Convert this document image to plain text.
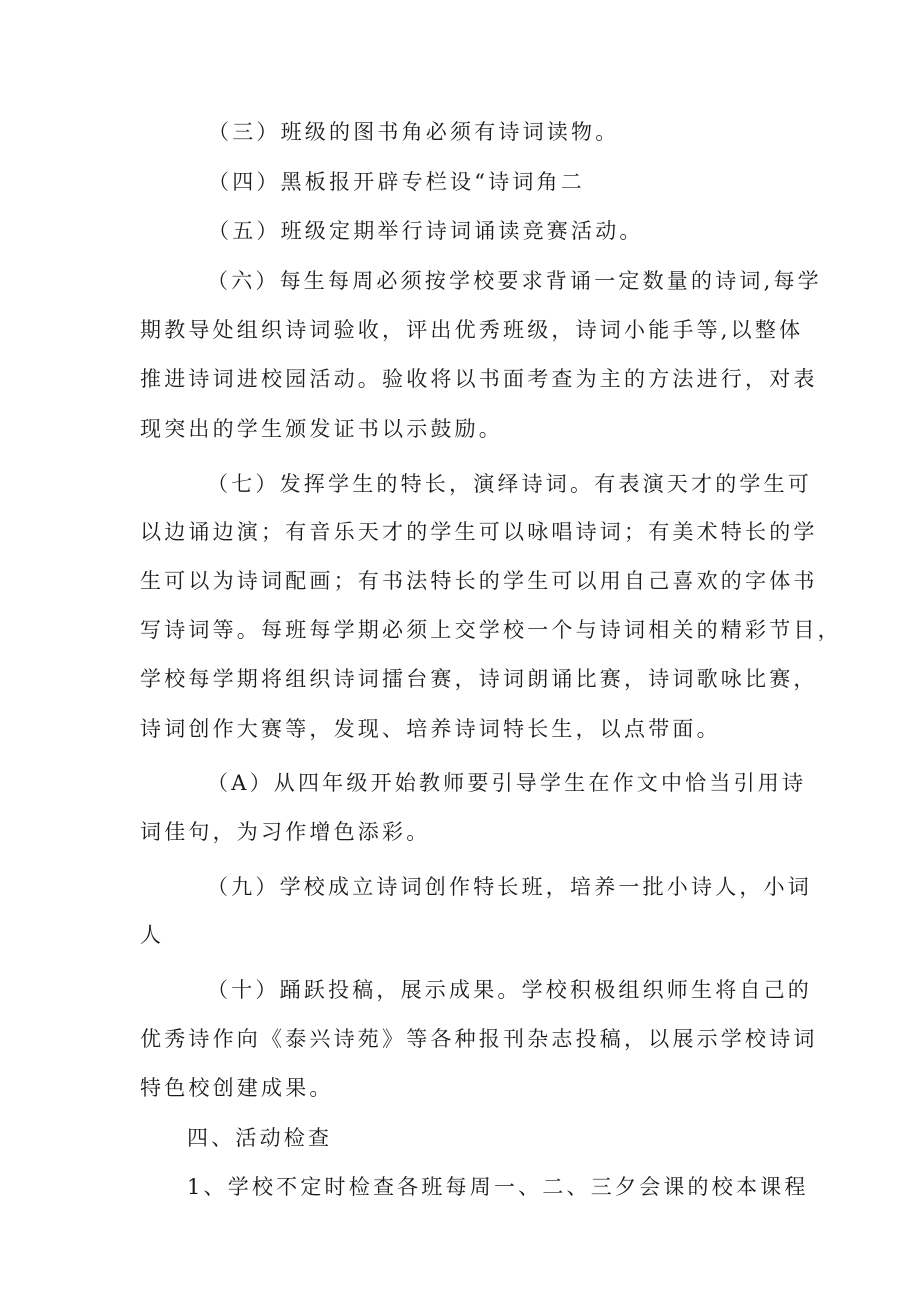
（三）班级的图书角必须有诗词读物。
（四）黑板报开辟专栏设“诗词角二
（五）班级定期举行诗词诵读竞赛活动。
（六）每生每周必须按学校要求背诵一定数量的诗词,每学
期教导处组织诗词验收，评出优秀班级，诗词小能手等,以整体
推进诗词进校园活动。验收将以书面考查为主的方法进行，对表
现突出的学生颁发证书以示鼓励。
（七）发挥学生的特长，演绎诗词。有表演天才的学生可
以边诵边演；有音乐天才的学生可以咏唱诗词；有美术特长的学
生可以为诗词配画；有书法特长的学生可以用自己喜欢的字体书
写诗词等。每班每学期必须上交学校一个与诗词相关的精彩节目，
学校每学期将组织诗词擂台赛，诗词朗诵比赛，诗词歌咏比赛，
诗词创作大赛等，发现、培养诗词特长生，以点带面。
（A）从四年级开始教师要引导学生在作文中恰当引用诗
词佳句，为习作增色添彩。
（九）学校成立诗词创作特长班，培养一批小诗人，小词
人
（十）踊跃投稿，展示成果。学校积极组织师生将自己的
优秀诗作向《泰兴诗苑》等各种报刊杂志投稿，以展示学校诗词
特色校创建成果。
四、活动检查
1、学校不定时检查各班每周一、二、三夕会课的校本课程
